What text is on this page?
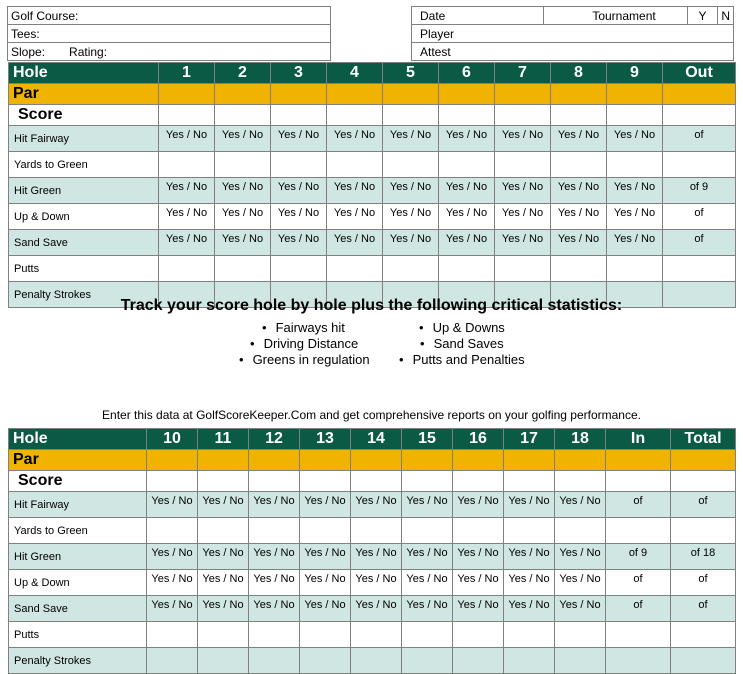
Golf Course:
Tees:
Slope: Rating:
Date	Tournament	Y	N
Player
Attest
Hole	1	2	3	4	5	6	7	8	9	Out
Par										
Score										
Hit Fairway	Yes / No	Yes / No	Yes / No	Yes / No	Yes / No	Yes / No	Yes / No	Yes / No	Yes / No	of
Yards to Green										
Hit Green	Yes / No	Yes / No	Yes / No	Yes / No	Yes / No	Yes / No	Yes / No	Yes / No	Yes / No	of 9
Up & Down	Yes / No	Yes / No	Yes / No	Yes / No	Yes / No	Yes / No	Yes / No	Yes / No	Yes / No	of
Sand Save	Yes / No	Yes / No	Yes / No	Yes / No	Yes / No	Yes / No	Yes / No	Yes / No	Yes / No	of
Putts										
Penalty Strokes										
Track your score hole by hole plus the following critical statistics:
• Fairways hit
• Driving Distance
• Greens in regulation
• Up & Downs
• Sand Saves
• Putts and Penalties
Enter this data at GolfScoreKeeper.Com and get comprehensive reports on your golfing performance.
Hole	10	11	12	13	14	15	16	17	18	In	Total
Par											
Score											
Hit Fairway	Yes / No	Yes / No	Yes / No	Yes / No	Yes / No	Yes / No	Yes / No	Yes / No	Yes / No	of	of
Yards to Green											
Hit Green	Yes / No	Yes / No	Yes / No	Yes / No	Yes / No	Yes / No	Yes / No	Yes / No	Yes / No	of 9	of 18
Up & Down	Yes / No	Yes / No	Yes / No	Yes / No	Yes / No	Yes / No	Yes / No	Yes / No	Yes / No	of	of
Sand Save	Yes / No	Yes / No	Yes / No	Yes / No	Yes / No	Yes / No	Yes / No	Yes / No	Yes / No	of	of
Putts											
Penalty Strokes											
